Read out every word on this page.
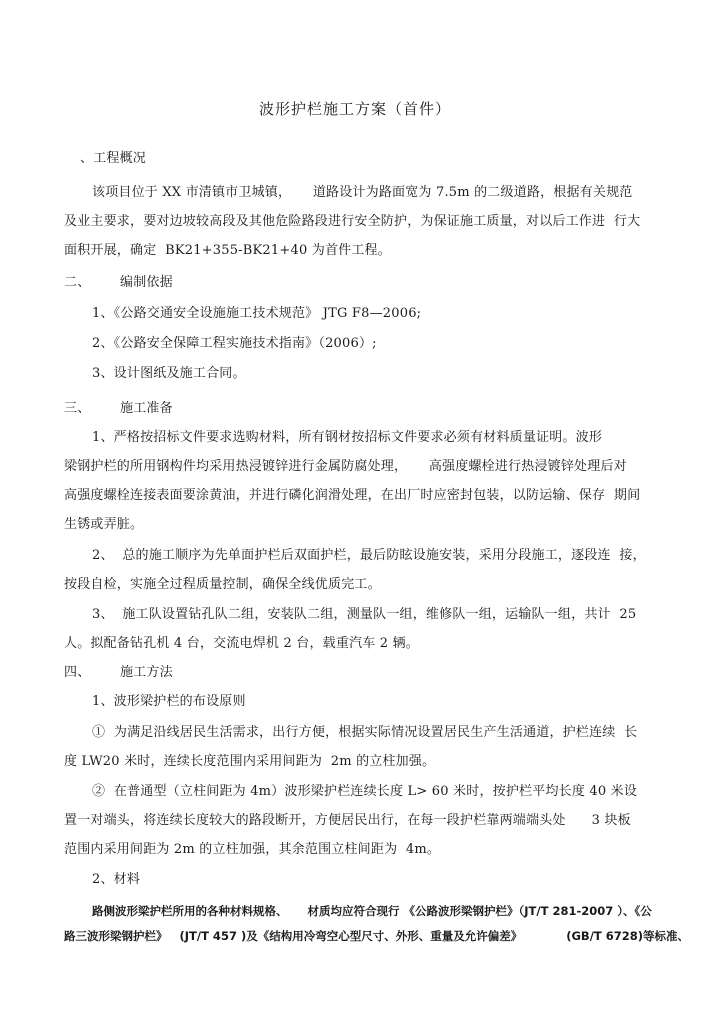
波形护栏施工方案（首件）
、工程概况
该项目位于 XX 市清镇市卫城镇，     道路设计为路面宽为 7.5m 的二级道路，根据有关规范
及业主要求，要对边坡较高段及其他危险路段进行安全防护，为保证施工质量，对以后工作进  行大
面积开展，确定  BK21+355-BK21+40 为首件工程。
二、 编制依据
1、《公路交通安全设施施工技术规范》 JTG F8—2006;
2、《公路安全保障工程实施技术指南》（2006）;
3、设计图纸及施工合同。
三、 施工准备
1、严格按招标文件要求选购材料，所有钢材按招标文件要求必须有材料质量证明。波形
梁钢护栏的所用钢构件均采用热浸镀锌进行金属防腐处理，     高强度螺栓进行热浸镀锌处理后对
高强度螺栓连接表面要涂黄油，并进行磷化润滑处理，在出厂时应密封包装，以防运输、保存  期间
生锈或弄脏。
2、  总的施工顺序为先单面护栏后双面护栏，最后防眩设施安装，采用分段施工，逐段连  接，
按段自检，实施全过程质量控制，确保全线优质完工。
3、  施工队设置钻孔队二组，安装队二组，测量队一组，维修队一组，运输队一组，共计  25
人。拟配备钻孔机 4 台，交流电焊机 2 台，载重汽车 2 辆。
四、 施工方法
1、波形梁护栏的布设原则
①  为满足沿线居民生活需求，出行方便，根据实际情况设置居民生产生活通道，护栏连续  长
度 LW20 米时，连续长度范围内采用间距为  2m 的立柱加强。
②  在普通型（立柱间距为 4m）波形梁护栏连续长度 L> 60 米时，按护栏平均长度 40 米设
置一对端头，将连续长度较大的路段断开，方便居民出行，在每一段护栏靠两端端头处      3 块板
范围内采用间距为 2m 的立柱加强，其余范围立柱间距为  4m。
2、材料
路侧波形梁护栏所用的各种材料规格、     材质均应符合现行 《公路波形梁钢护栏》（JT/T 281-2007 ）、《公
路三波形梁钢护栏》   (JT/T 457 )及《结构用冷弯空心型尺寸、外形、重量及允许偏差》           (GB/T 6728)等标准、
